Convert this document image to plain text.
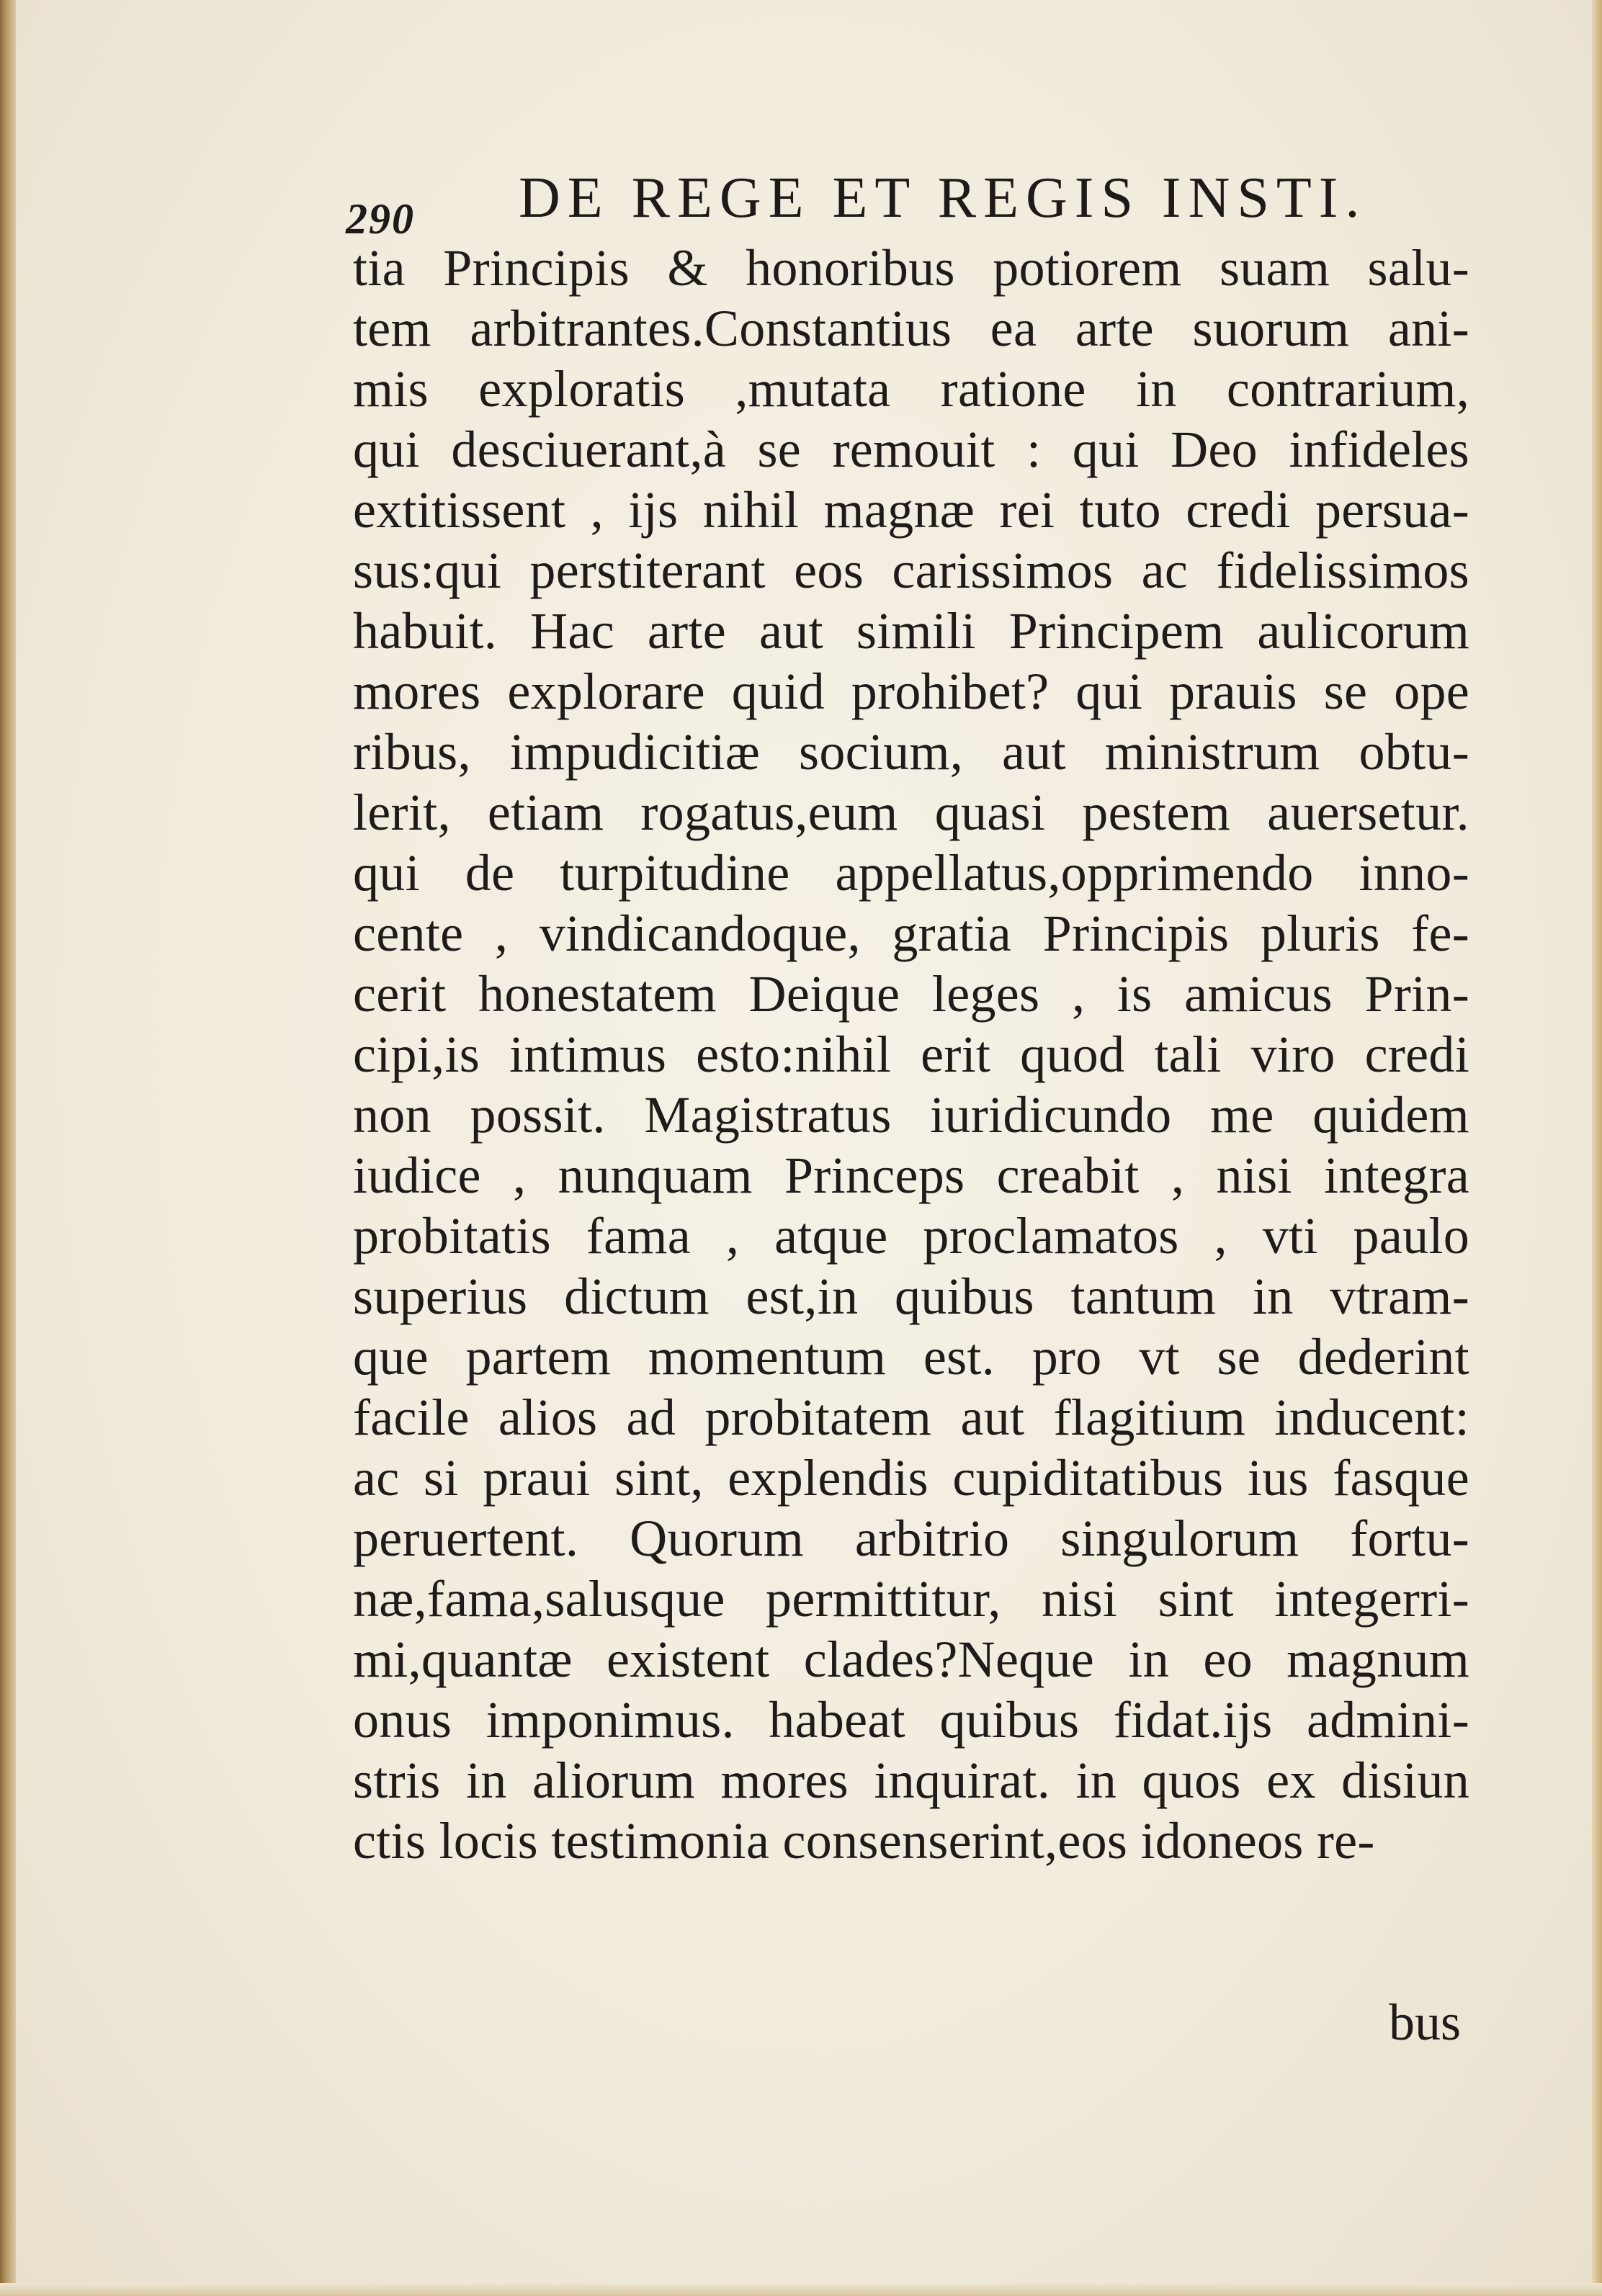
290 DE REGE ET REGIS INSTI.
tia Principis & honoribus potiorem suam salu-
tem arbitrantes.Constantius ea arte suorum ani-
mis exploratis ,mutata ratione in contrarium,
qui desciuerant,à se remouit : qui Deo infideles
extitissent , ijs nihil magnæ rei tuto credi persua-
sus:qui perstiterant eos carissimos ac fidelissimos
habuit. Hac arte aut simili Principem aulicorum
mores explorare quid prohibet? qui prauis se ope
ribus, impudicitiæ socium, aut ministrum obtu-
lerit, etiam rogatus,eum quasi pestem auersetur.
qui de turpitudine appellatus,opprimendo inno-
cente , vindicandoque, gratia Principis pluris fe-
cerit honestatem Deique leges , is amicus Prin-
cipi,is intimus esto:nihil erit quod tali viro credi
non possit. Magistratus iuridicundo me quidem
iudice , nunquam Princeps creabit , nisi integra
probitatis fama , atque proclamatos , vti paulo
superius dictum est,in quibus tantum in vtram-
que partem momentum est. pro vt se dederint
facile alios ad probitatem aut flagitium inducent:
ac si praui sint, explendis cupiditatibus ius fasque
peruertent. Quorum arbitrio singulorum fortu-
næ,fama,salusque permittitur, nisi sint integerri-
mi,quantæ existent clades?Neque in eo magnum
onus imponimus. habeat quibus fidat.ijs admini-
stris in aliorum mores inquirat. in quos ex disiun
ctis locis testimonia consenserint,eos idoneos re-
bus
